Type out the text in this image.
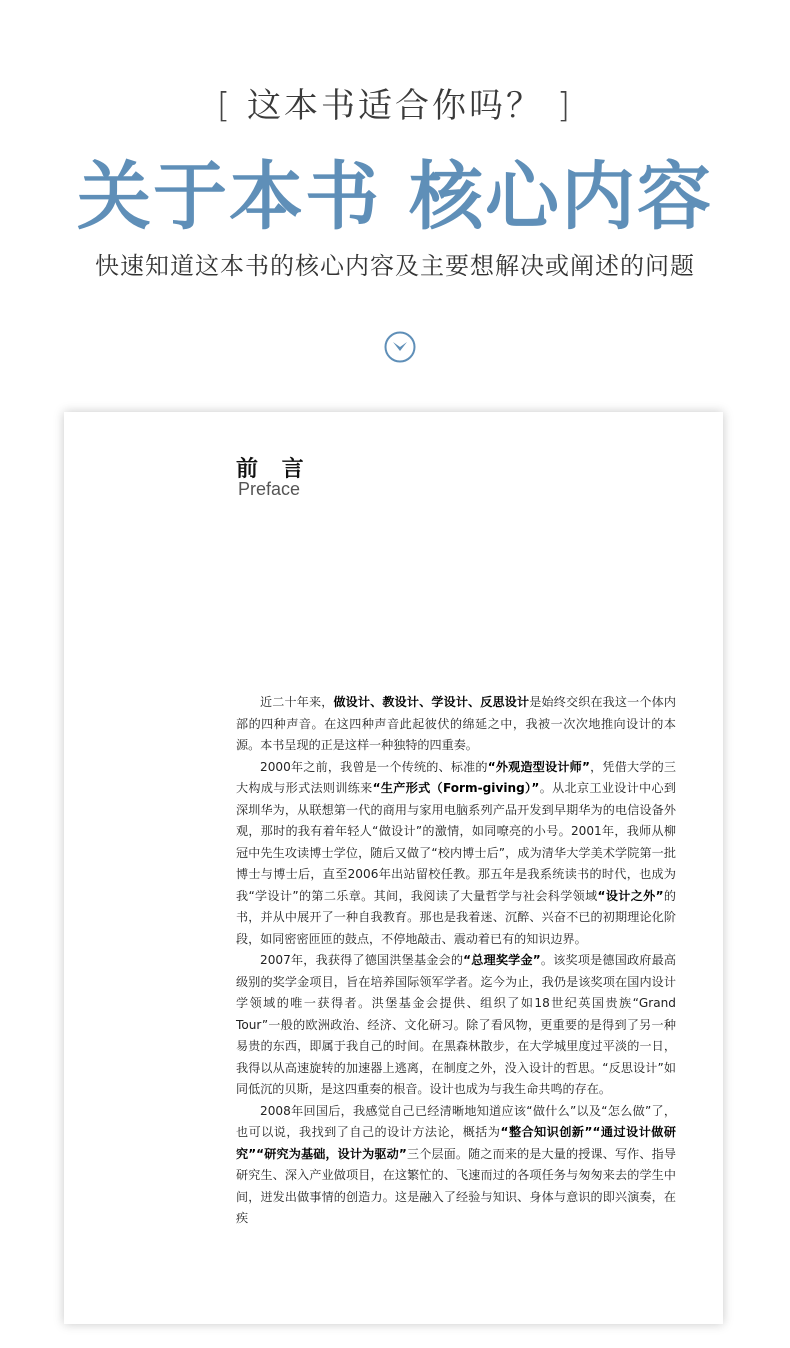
[ 这本书适合你吗？ ]
关于本书 核心内容
快速知道这本书的核心内容及主要想解决或阐述的问题
前 言
Preface

近二十年来，做设计、教设计、学设计、反思设计是始终交织在我这一个体内部的四种声音。在这四种声音此起彼伏的绵延之中，我被一次次地推向设计的本源。本书呈现的正是这样一种独特的四重奏。

2000年之前，我曾是一个传统的、标准的“外观造型设计师”，凭借大学的三大构成与形式法则训练来“生产形式（Form-giving）”。从北京工业设计中心到深圳华为，从联想第一代的商用与家用电脑系列产品开发到早期华为的电信设备外观，那时的我有着年轻人“做设计”的激情，如同嘹亮的小号。2001年，我师从柳冠中先生攻读博士学位，随后又做了“校内博士后”，成为清华大学美术学院第一批博士与博士后，直至2006年出站留校任教。那五年是我系统读书的时代，也成为我“学设计”的第二乐章。其间，我阅读了大量哲学与社会科学领域“设计之外”的书，并从中展开了一种自我教育。那也是我着迷、沉醉、兴奋不已的初期理论化阶段，如同密密匝匝的鼓点，不停地敲击、震动着已有的知识边界。

2007年，我获得了德国洪堡基金会的“总理奖学金”。该奖项是德国政府最高级别的奖学金项目，旨在培养国际领军学者。迄今为止，我仍是该奖项在国内设计学领域的唯一获得者。洪堡基金会提供、组织了如18世纪英国贵族“Grand Tour”一般的欧洲政治、经济、文化研习。除了看风物，更重要的是得到了另一种易贵的东西，即属于我自己的时间。在黑森林散步，在大学城里度过平淡的一日，我得以从高速旋转的加速器上逃离，在制度之外，没入设计的哲思。“反思设计”如同低沉的贝斯，是这四重奏的根音。设计也成为与我生命共鸣的存在。

2008年回国后，我感觉自己已经清晰地知道应该“做什么”以及“怎么做”了，也可以说，我找到了自己的设计方法论，概括为“整合知识创新”“通过设计做研究”“研究为基础，设计为驱动”三个层面。随之而来的是大量的授课、写作、指导研究生、深入产业做项目，在这繁忙的、飞速而过的各项任务与匆匆来去的学生中间，迸发出做事情的创造力。这是融入了经验与知识、身体与意识的即兴演奏，在疾
